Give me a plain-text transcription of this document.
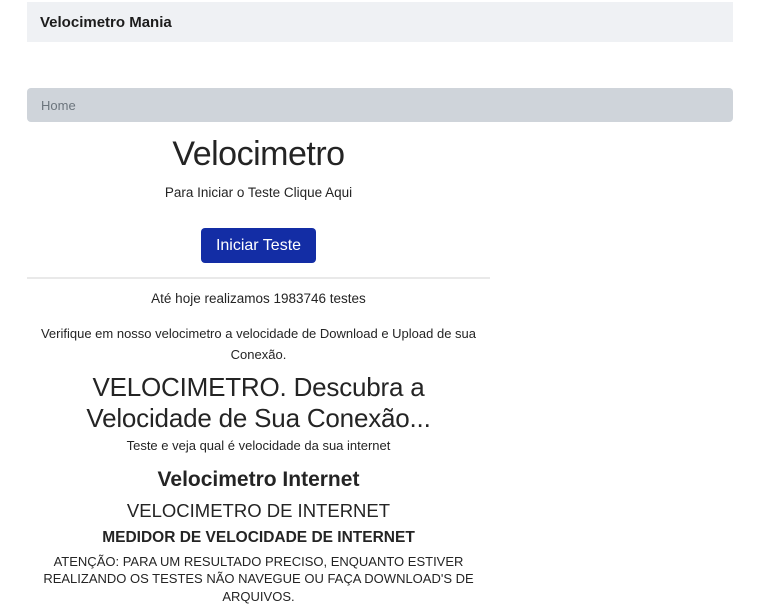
Velocimetro Mania
Home
Velocimetro

Para Iniciar o Teste Clique Aqui

Iniciar Teste

Até hoje realizamos 1983746 testes

Verifique em nosso velocimetro a velocidade de Download e Upload de sua Conexão.

VELOCIMETRO. Descubra a
Velocidade de Sua Conexão...

Teste e veja qual é velocidade da sua internet

Velocimetro Internet
VELOCIMETRO DE INTERNET
MEDIDOR DE VELOCIDADE DE INTERNET

ATENÇÃO: PARA UM RESULTADO PRECISO, ENQUANTO ESTIVER REALIZANDO OS TESTES NÃO NAVEGUE OU FAÇA DOWNLOAD'S DE ARQUIVOS.
